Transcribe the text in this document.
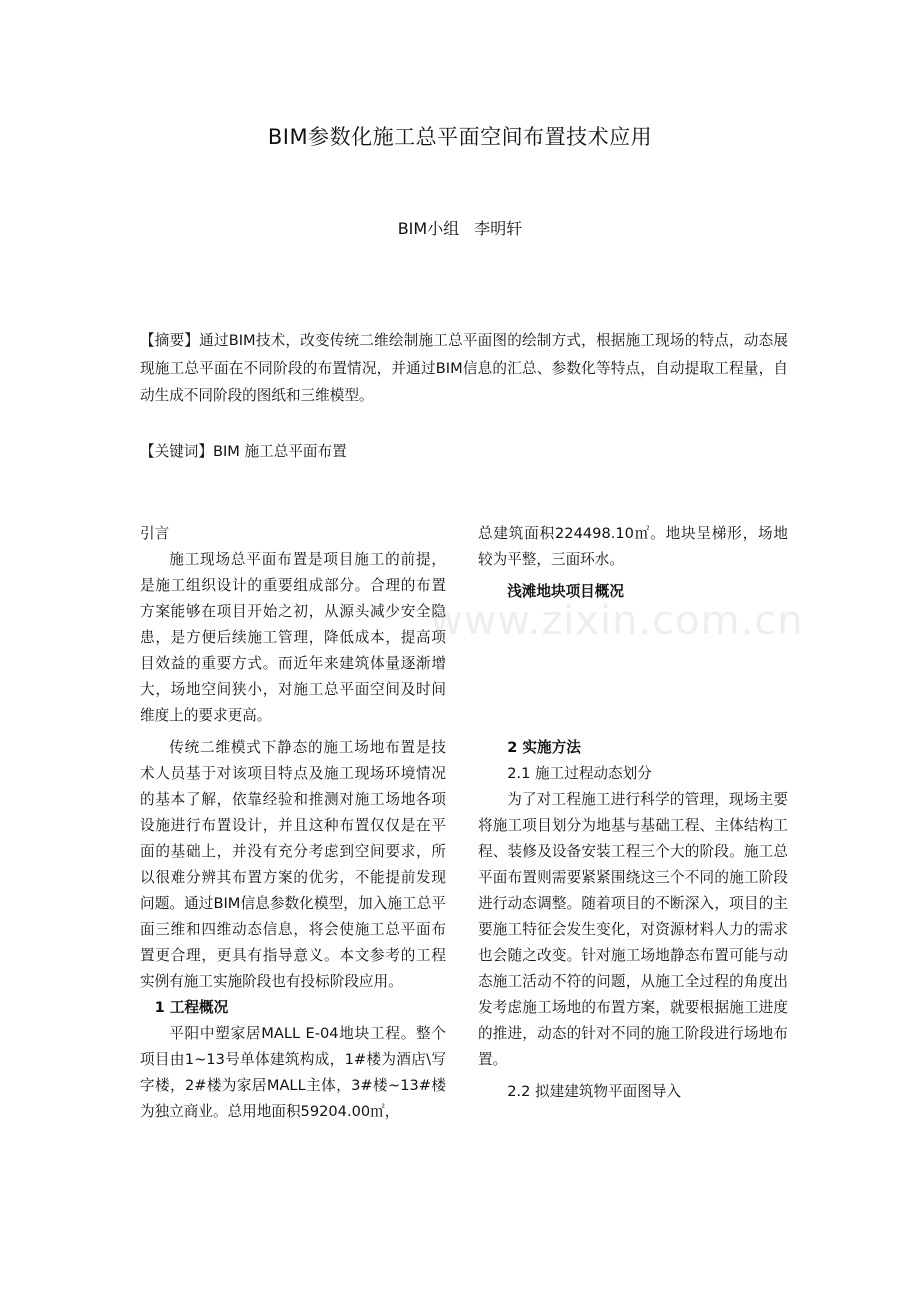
BIM参数化施工总平面空间布置技术应用
BIM小组 李明轩
【摘要】通过BIM技术，改变传统二维绘制施工总平面图的绘制方式，根据施工现场的特点，动态展现施工总平面在不同阶段的布置情况，并通过BIM信息的汇总、参数化等特点，自动提取工程量，自动生成不同阶段的图纸和三维模型。
【关键词】BIM 施工总平面布置
www.zixin.com.cn

引言

施工现场总平面布置是项目施工的前提，是施工组织设计的重要组成部分。合理的布置方案能够在项目开始之初，从源头减少安全隐患，是方便后续施工管理，降低成本，提高项目效益的重要方式。而近年来建筑体量逐渐增大，场地空间狭小，对施工总平面空间及时间维度上的要求更高。

传统二维模式下静态的施工场地布置是技术人员基于对该项目特点及施工现场环境情况的基本了解，依靠经验和推测对施工场地各项设施进行布置设计，并且这种布置仅仅是在平面的基础上，并没有充分考虑到空间要求，所以很难分辨其布置方案的优劣，不能提前发现问题。通过BIM信息参数化模型，加入施工总平面三维和四维动态信息，将会使施工总平面布置更合理，更具有指导意义。本文参考的工程实例有施工实施阶段也有投标阶段应用。

1 工程概况

平阳中塑家居MALL E-04地块工程。整个项目由1~13号单体建筑构成，1#楼为酒店\写字楼，2#楼为家居MALL主体，3#楼~13#楼为独立商业。总用地面积59204.00㎡，

总建筑面积224498.10㎡。地块呈梯形，场地较为平整，三面环水。

浅滩地块项目概况

2 实施方法

2.1 施工过程动态划分

为了对工程施工进行科学的管理，现场主要将施工项目划分为地基与基础工程、主体结构工程、装修及设备安装工程三个大的阶段。施工总平面布置则需要紧紧围绕这三个不同的施工阶段进行动态调整。随着项目的不断深入，项目的主要施工特征会发生变化，对资源材料人力的需求也会随之改变。针对施工场地静态布置可能与动态施工活动不符的问题，从施工全过程的角度出发考虑施工场地的布置方案，就要根据施工进度的推进，动态的针对不同的施工阶段进行场地布置。

2.2 拟建建筑物平面图导入
